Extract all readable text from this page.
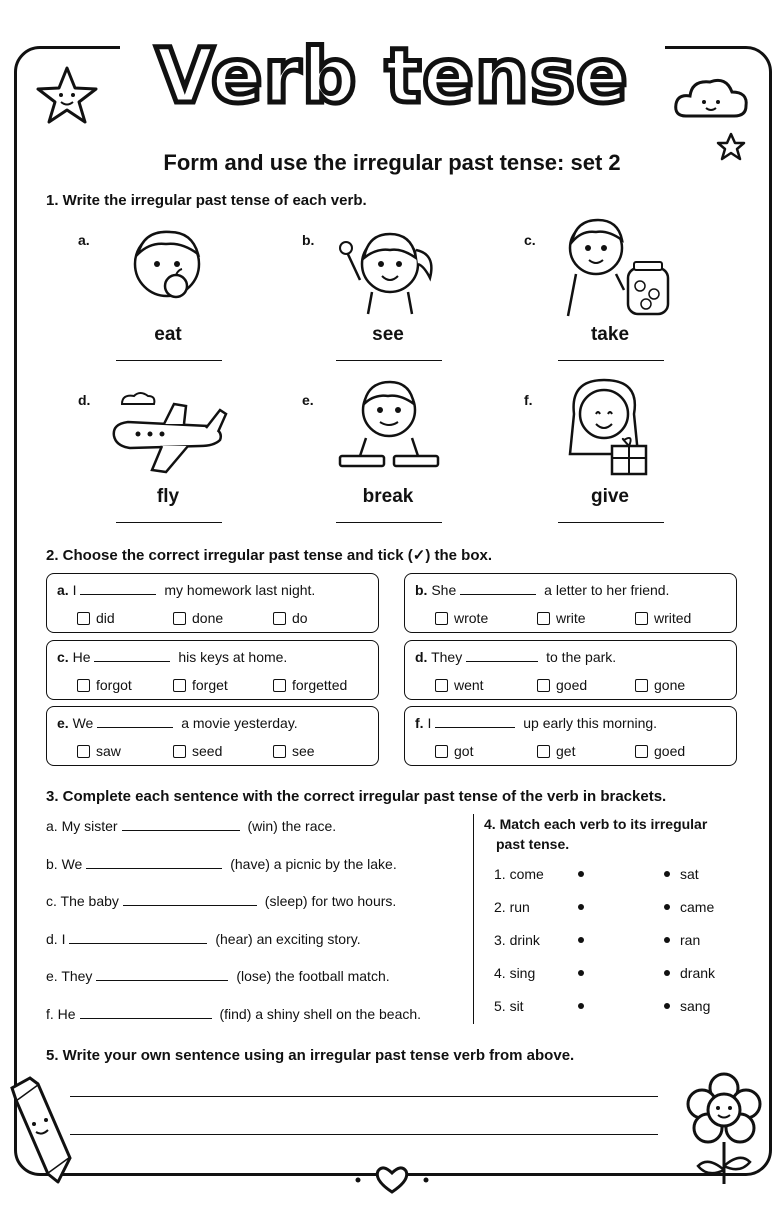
Verb tense
Form and use the irregular past tense: set 2
1. Write the irregular past tense of each verb.
a.	b.	c.
d.	e.	f.
eat	see	take
fly	break	give
2. Choose the correct irregular past tense and tick (✓) the box.
a. I	my homework last night.
did	done	do
b. She	a letter to her friend.
wrote	write	writed
c. He	his keys at home.
forgot	forget	forgetted
d. They	to the park.
went	goed	gone
e. We	a movie yesterday.
saw	seed	see
f. I	up early this morning.
got	get	goed
3. Complete each sentence with the correct irregular past tense of the verb in brackets.
a. My sister	(win) the race.
b. We	(have) a picnic by the lake.
c. The baby	(sleep) for two hours.
d. I	(hear) an exciting story.
e. They	(lose) the football match.
f. He	(find) a shiny shell on the beach.
4. Match each verb to its irregular
past tense.
1. come
2. run
3. drink
4. sing
5. sit
sat
came
ran
drank
sang
5. Write your own sentence using an irregular past tense verb from above.
